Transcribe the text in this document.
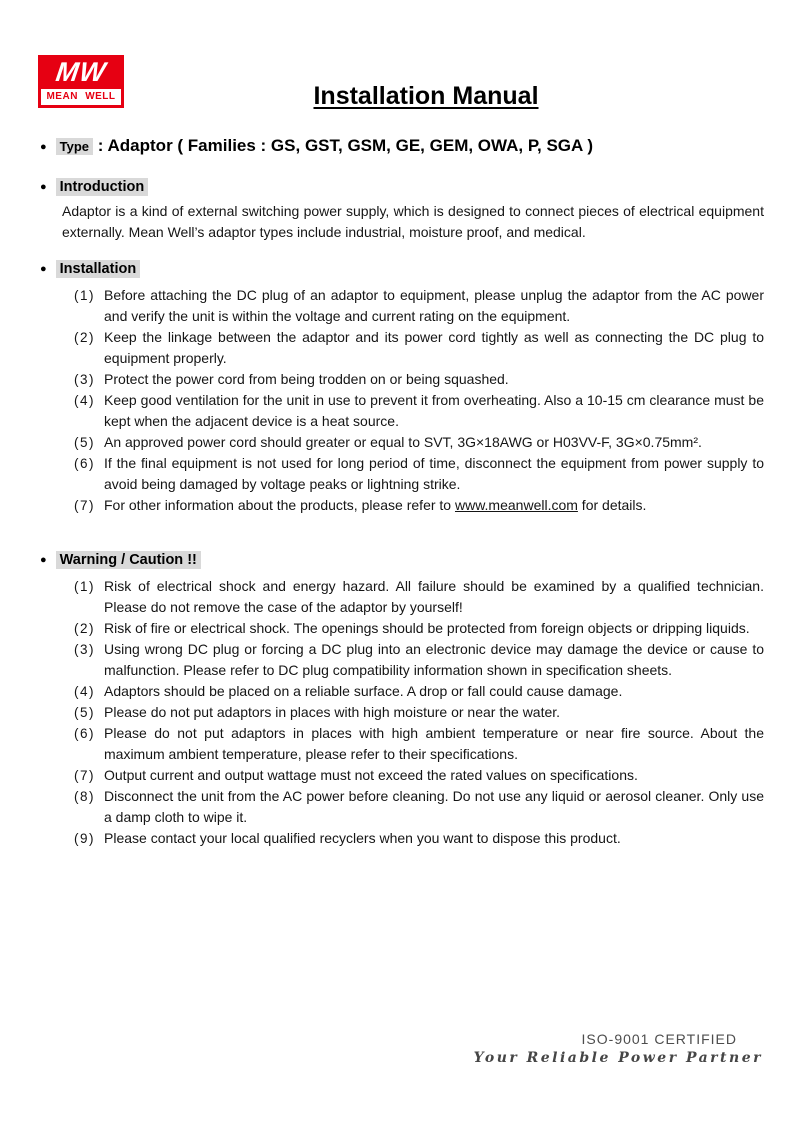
MW
MEAN WELL	Installation Manual
●	Type : Adaptor ( Families : GS, GST, GSM, GE, GEM, OWA, P, SGA )
● Introduction

Adaptor is a kind of external switching power supply, which is designed to connect pieces of electrical equipment externally. Mean Well’s adaptor types include industrial, moisture proof, and medical.

● Installation
(1) Before attaching the DC plug of an adaptor to equipment, please unplug the adaptor from the AC power and verify the unit is within the voltage and current rating on the equipment.
(2) Keep the linkage between the adaptor and its power cord tightly as well as connecting the DC plug to equipment properly.
(3) Protect the power cord from being trodden on or being squashed.
(4) Keep good ventilation for the unit in use to prevent it from overheating. Also a 10-15 cm clearance must be kept when the adjacent device is a heat source.
(5) An approved power cord should greater or equal to SVT, 3G×18AWG or H03VV-F, 3G×0.75mm².
(6) If the final equipment is not used for long period of time, disconnect the equipment from power supply to avoid being damaged by voltage peaks or lightning strike.
(7) For other information about the products, please refer to www.meanwell.com for details.
● Warning / Caution !!
(1) Risk of electrical shock and energy hazard. All failure should be examined by a qualified technician. Please do not remove the case of the adaptor by yourself!
(2) Risk of fire or electrical shock. The openings should be protected from foreign objects or dripping liquids.
(3) Using wrong DC plug or forcing a DC plug into an electronic device may damage the device or cause to malfunction. Please refer to DC plug compatibility information shown in specification sheets.
(4) Adaptors should be placed on a reliable surface. A drop or fall could cause damage.
(5) Please do not put adaptors in places with high moisture or near the water.
(6) Please do not put adaptors in places with high ambient temperature or near fire source. About the maximum ambient temperature, please refer to their specifications.
(7) Output current and output wattage must not exceed the rated values on specifications.
(8) Disconnect the unit from the AC power before cleaning. Do not use any liquid or aerosol cleaner. Only use a damp cloth to wipe it.
(9) Please contact your local qualified recyclers when you want to dispose this product.
ISO-9001 CERTIFIED
Your Reliable Power Partner
